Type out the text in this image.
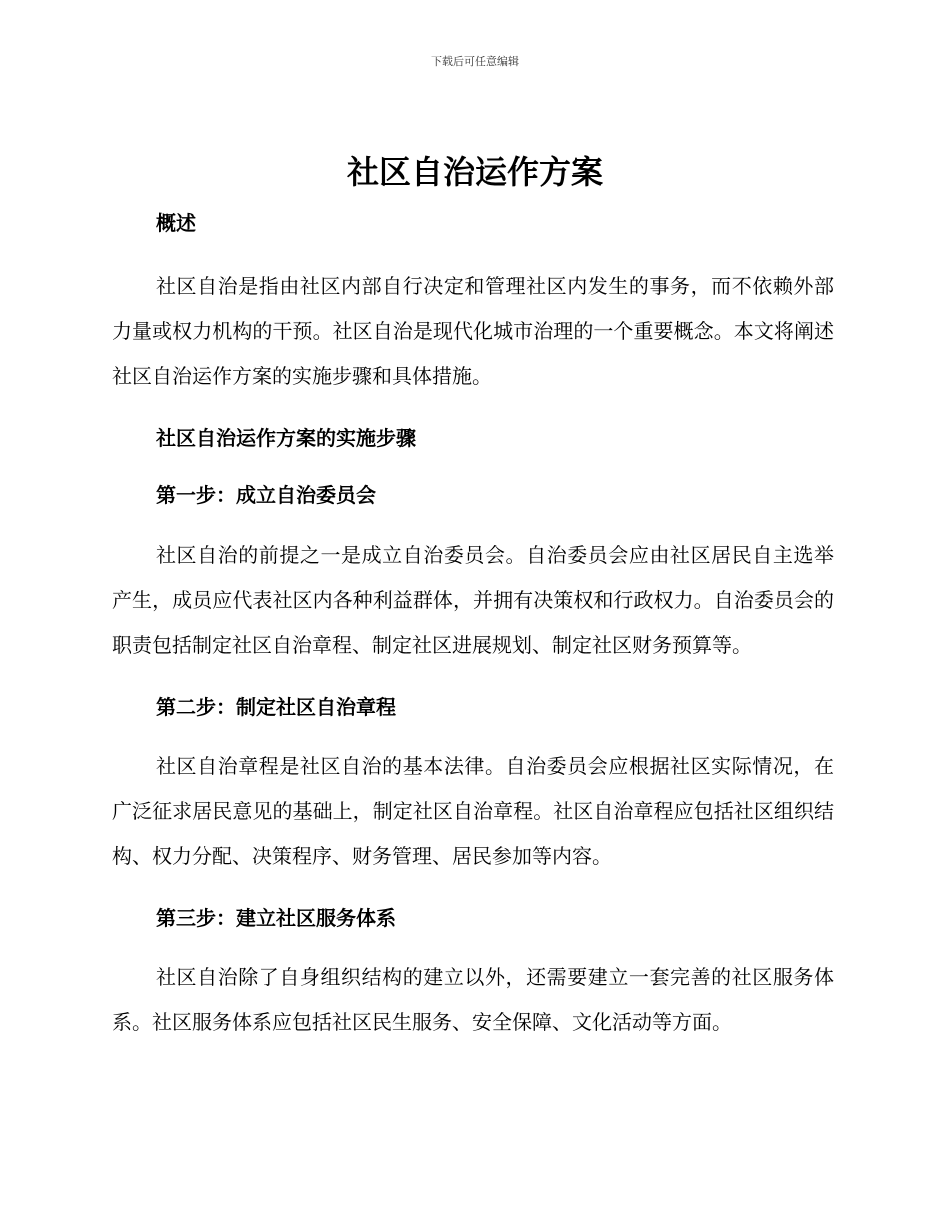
下载后可任意编辑
社区自治运作方案
概述

社区自治是指由社区内部自行决定和管理社区内发生的事务，而不依赖外部力量或权力机构的干预。社区自治是现代化城市治理的一个重要概念。本文将阐述社区自治运作方案的实施步骤和具体措施。

社区自治运作方案的实施步骤
第一步：成立自治委员会

社区自治的前提之一是成立自治委员会。自治委员会应由社区居民自主选举产生，成员应代表社区内各种利益群体，并拥有决策权和行政权力。自治委员会的职责包括制定社区自治章程、制定社区进展规划、制定社区财务预算等。

第二步：制定社区自治章程

社区自治章程是社区自治的基本法律。自治委员会应根据社区实际情况，在广泛征求居民意见的基础上，制定社区自治章程。社区自治章程应包括社区组织结构、权力分配、决策程序、财务管理、居民参加等内容。

第三步：建立社区服务体系

社区自治除了自身组织结构的建立以外，还需要建立一套完善的社区服务体系。社区服务体系应包括社区民生服务、安全保障、文化活动等方面。
